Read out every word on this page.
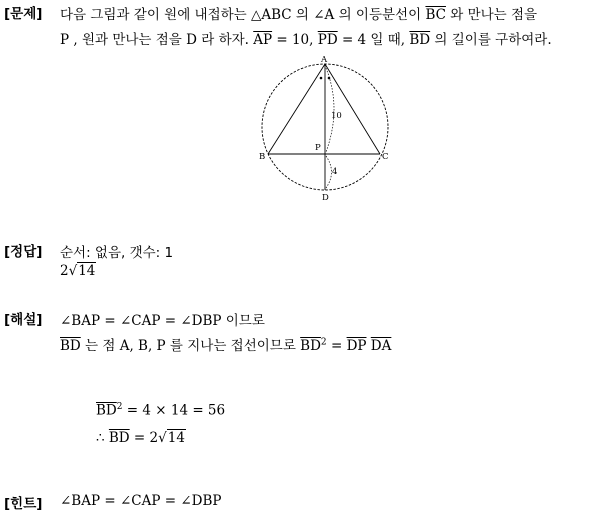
[문제] 다음 그림과 같이 원에 내접하는 △ABC 의 ∠A 의 이등분선이 $\overline{BC}$ 와 만나는 점을
P , 원과 만나는 점을 D 라 하자. $\overline{AP} = 10$, $\overline{PD} = 4$ 일 때, $\overline{BD}$ 의 길이를 구하여라.
A
B	C
P
D
10
4
[정답] 순서: 없음, 갯수: 1
2√14
[해설] ∠BAP = ∠CAP = ∠DBP 이므로
$\overline{BD}$ 는 점 A, B, P 를 지나는 접선이므로 $\overline{BD}^2 = \overline{DP}$ $\overline{DA}$
$\overline{BD}^2 = 4 \times 14 = 56$
∴ $\overline{BD} = 2√14$
[힌트] ∠BAP = ∠CAP = ∠DBP
